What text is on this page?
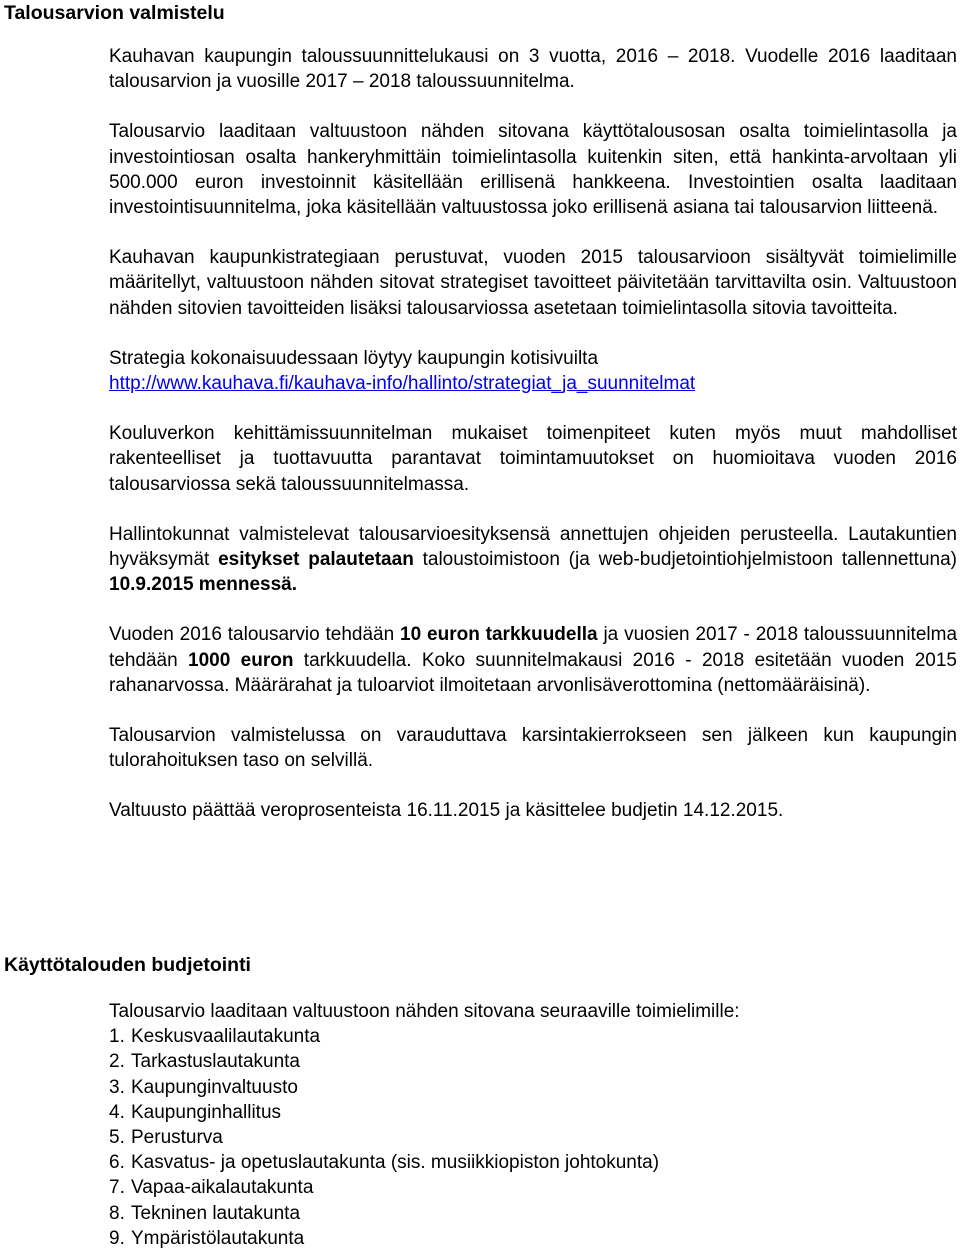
Talousarvion valmistelu

Kauhavan kaupungin taloussuunnittelukausi on 3 vuotta, 2016 – 2018. Vuodelle 2016 laaditaan talousarvion ja vuosille 2017 – 2018 taloussuunnitelma.

Talousarvio laaditaan valtuustoon nähden sitovana käyttötalousosan osalta toimielintasolla ja investointiosan osalta hankeryhmittäin toimielintasolla kuitenkin siten, että hankinta-arvoltaan yli 500.000 euron investoinnit käsitellään erillisenä hankkeena. Investointien osalta laaditaan investointisuunnitelma, joka käsitellään valtuustossa joko erillisenä asiana tai talousarvion liitteenä.

Kauhavan kaupunkistrategiaan perustuvat, vuoden 2015 talousarvioon sisältyvät toimielimille määritellyt, valtuustoon nähden sitovat strategiset tavoitteet päivitetään tarvittavilta osin. Valtuustoon nähden sitovien tavoitteiden lisäksi talousarviossa asetetaan toimielintasolla sitovia tavoitteita.

Strategia kokonaisuudessaan löytyy kaupungin kotisivuilta
http://www.kauhava.fi/kauhava-info/hallinto/strategiat_ja_suunnitelmat

Kouluverkon kehittämissuunnitelman mukaiset toimenpiteet kuten myös muut mahdolliset rakenteelliset ja tuottavuutta parantavat toimintamuutokset on huomioitava vuoden 2016 talousarviossa sekä taloussuunnitelmassa.

Hallintokunnat valmistelevat talousarvioesityksensä annettujen ohjeiden perusteella. Lautakuntien hyväksymät esitykset palautetaan taloustoimistoon (ja web-budjetointiohjelmistoon tallennettuna) 10.9.2015 mennessä.

Vuoden 2016 talousarvio tehdään 10 euron tarkkuudella ja vuosien 2017 - 2018 taloussuunnitelma tehdään 1000 euron tarkkuudella. Koko suunnitelmakausi 2016 - 2018 esitetään vuoden 2015 rahanarvossa. Määrärahat ja tuloarviot ilmoitetaan arvonlisäverottomina (nettomääräisinä).

Talousarvion valmistelussa on varauduttava karsintakierrokseen sen jälkeen kun kaupungin tulorahoituksen taso on selvillä.

Valtuusto päättää veroprosenteista 16.11.2015 ja käsittelee budjetin 14.12.2015.

Käyttötalouden budjetointi
Talousarvio laaditaan valtuustoon nähden sitovana seuraaville toimielimille:
1. Keskusvaalilautakunta
2. Tarkastuslautakunta
3. Kaupunginvaltuusto
4. Kaupunginhallitus
5. Perusturva
6. Kasvatus- ja opetuslautakunta (sis. musiikkiopiston johtokunta)
7. Vapaa-aikalautakunta
8. Tekninen lautakunta
9. Ympäristölautakunta
